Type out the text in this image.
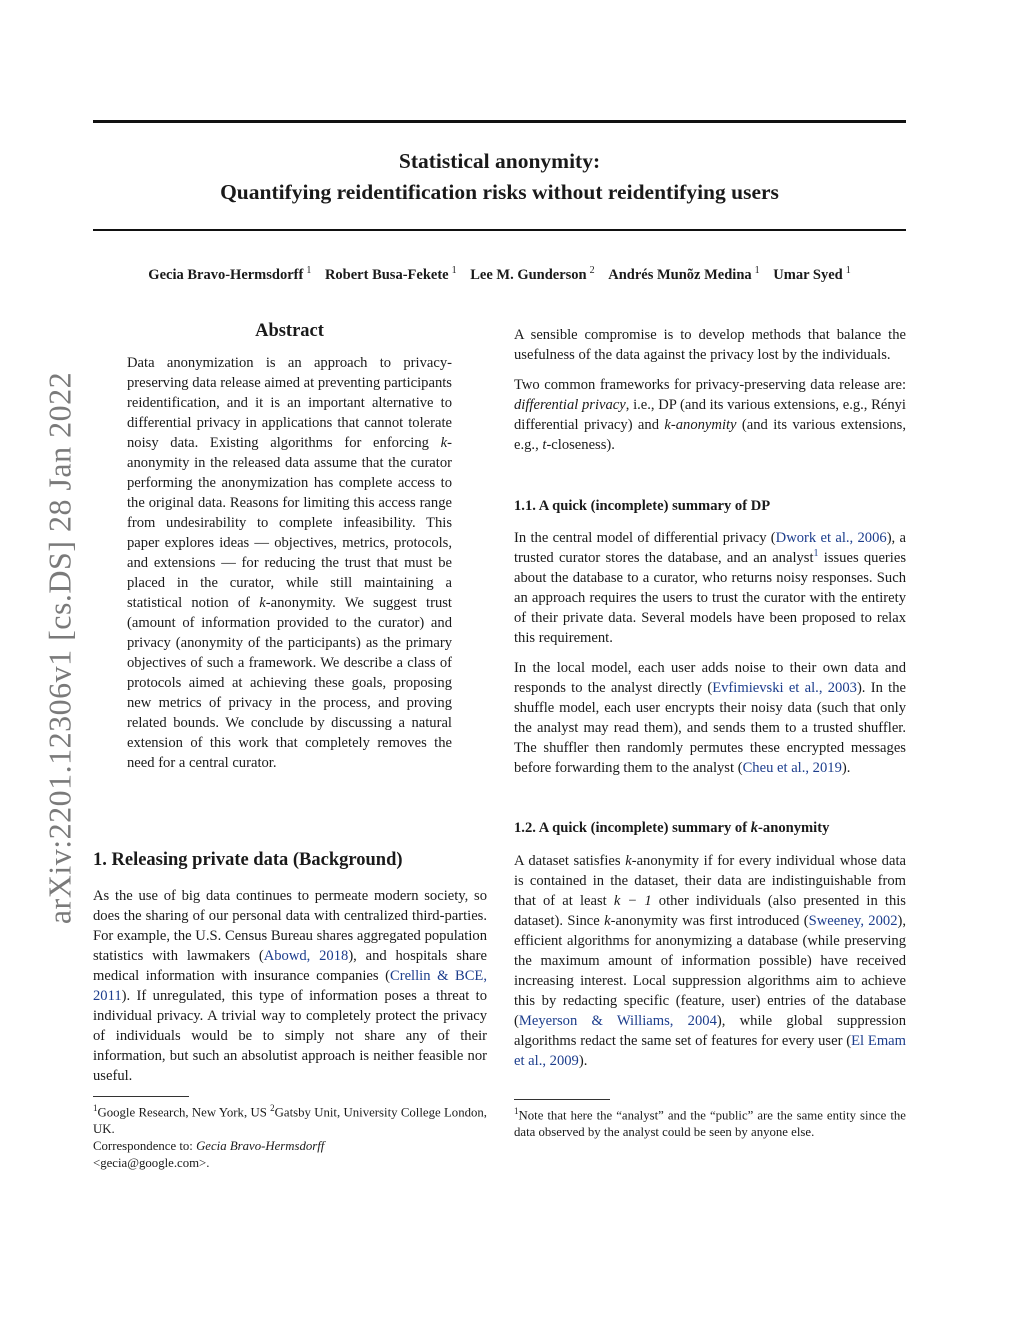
arXiv:2201.12306v1 [cs.DS] 28 Jan 2022
Statistical anonymity:
Quantifying reidentification risks without reidentifying users
Gecia Bravo-Hermsdorff $^1$ Robert Busa-Fekete $^1$ Lee M. Gunderson $^2$ Andrés Munõz Medina $^1$ Umar Syed $^1$
Abstract

Data anonymization is an approach to privacy-preserving data release aimed at preventing participants reidentification, and it is an important alternative to differential privacy in applications that cannot tolerate noisy data. Existing algorithms for enforcing k-anonymity in the released data assume that the curator performing the anonymization has complete access to the original data. Reasons for limiting this access range from undesirability to complete infeasibility. This paper explores ideas — objectives, metrics, protocols, and extensions — for reducing the trust that must be placed in the curator, while still maintaining a statistical notion of k-anonymity. We suggest trust (amount of information provided to the curator) and privacy (anonymity of the participants) as the primary objectives of such a framework. We describe a class of protocols aimed at achieving these goals, proposing new metrics of privacy in the process, and proving related bounds. We conclude by discussing a natural extension of this work that completely removes the need for a central curator.

1. Releasing private data (Background)

As the use of big data continues to permeate modern society, so does the sharing of our personal data with centralized third-parties. For example, the U.S. Census Bureau shares aggregated population statistics with lawmakers (Abowd, 2018), and hospitals share medical information with insurance companies (Crellin & BCE, 2011). If unregulated, this type of information poses a threat to individual privacy. A trivial way to completely protect the privacy of individuals would be to simply not share any of their information, but such an absolutist approach is neither feasible nor useful.

$^1$Google Research, New York, US $^2$Gatsby Unit, University College London, UK.
Correspondence to: Gecia Bravo-Hermsdorff
<gecia@google.com>.

A sensible compromise is to develop methods that balance the usefulness of the data against the privacy lost by the individuals.

Two common frameworks for privacy-preserving data release are: differential privacy, i.e., DP (and its various extensions, e.g., Rényi differential privacy) and k-anonymity (and its various extensions, e.g., t-closeness).

1.1. A quick (incomplete) summary of DP

In the central model of differential privacy (Dwork et al., 2006), a trusted curator stores the database, and an analyst$^1$ issues queries about the database to a curator, who returns noisy responses. Such an approach requires the users to trust the curator with the entirety of their private data. Several models have been proposed to relax this requirement.

In the local model, each user adds noise to their own data and responds to the analyst directly (Evfimievski et al., 2003). In the shuffle model, each user encrypts their noisy data (such that only the analyst may read them), and sends them to a trusted shuffler. The shuffler then randomly permutes these encrypted messages before forwarding them to the analyst (Cheu et al., 2019).

1.2. A quick (incomplete) summary of k-anonymity

A dataset satisfies k-anonymity if for every individual whose data is contained in the dataset, their data are indistinguishable from that of at least k − 1 other individuals (also presented in this dataset). Since k-anonymity was first introduced (Sweeney, 2002), efficient algorithms for anonymizing a database (while preserving the maximum amount of information possible) have received increasing interest. Local suppression algorithms aim to achieve this by redacting specific (feature, user) entries of the database (Meyerson & Williams, 2004), while global suppression algorithms redact the same set of features for every user (El Emam et al., 2009).

$^1$Note that here the “analyst” and the “public” are the same entity since the data observed by the analyst could be seen by anyone else.
